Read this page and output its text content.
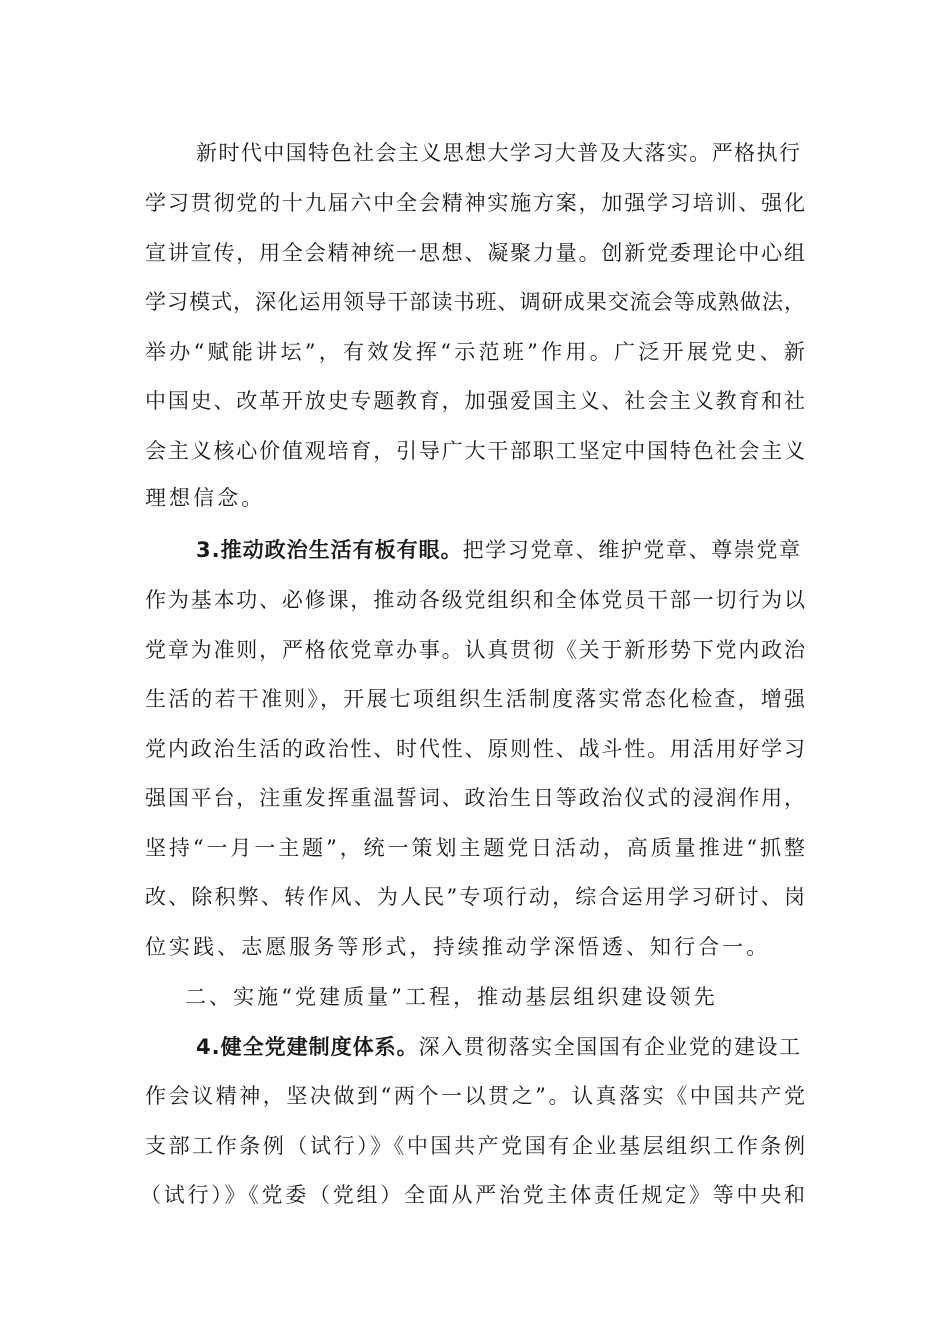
新时代中国特色社会主义思想大学习大普及大落实。严格执行
学习贯彻党的十九届六中全会精神实施方案，加强学习培训、强化
宣讲宣传，用全会精神统一思想、凝聚力量。创新党委理论中心组
学习模式，深化运用领导干部读书班、调研成果交流会等成熟做法，
举办“赋能讲坛”，有效发挥“示范班”作用。广泛开展党史、新
中国史、改革开放史专题教育，加强爱国主义、社会主义教育和社
会主义核心价值观培育，引导广大干部职工坚定中国特色社会主义
理想信念。
3.推动政治生活有板有眼。 把学习党章、维护党章、尊崇党章
作为基本功、必修课，推动各级党组织和全体党员干部一切行为以
党章为准则，严格依党章办事。认真贯彻《关于新形势下党内政治
生活的若干准则》，开展七项组织生活制度落实常态化检查，增强
党内政治生活的政治性、时代性、原则性、战斗性。用活用好学习
强国平台，注重发挥重温誓词、政治生日等政治仪式的浸润作用，
坚持“一月一主题”，统一策划主题党日活动，高质量推进“抓整
改、除积弊、转作风、为人民”专项行动，综合运用学习研讨、岗
位实践、志愿服务等形式，持续推动学深悟透、知行合一。
二、实施“党建质量”工程，推动基层组织建设领先
4.健全党建制度体系。 深入贯彻落实全国国有企业党的建设工
作会议精神，坚决做到“两个一以贯之”。认真落实《中国共产党
支部工作条例（试行）》《中国共产党国有企业基层组织工作条例
（试行）》《党委（党组）全面从严治党主体责任规定》等中央和
